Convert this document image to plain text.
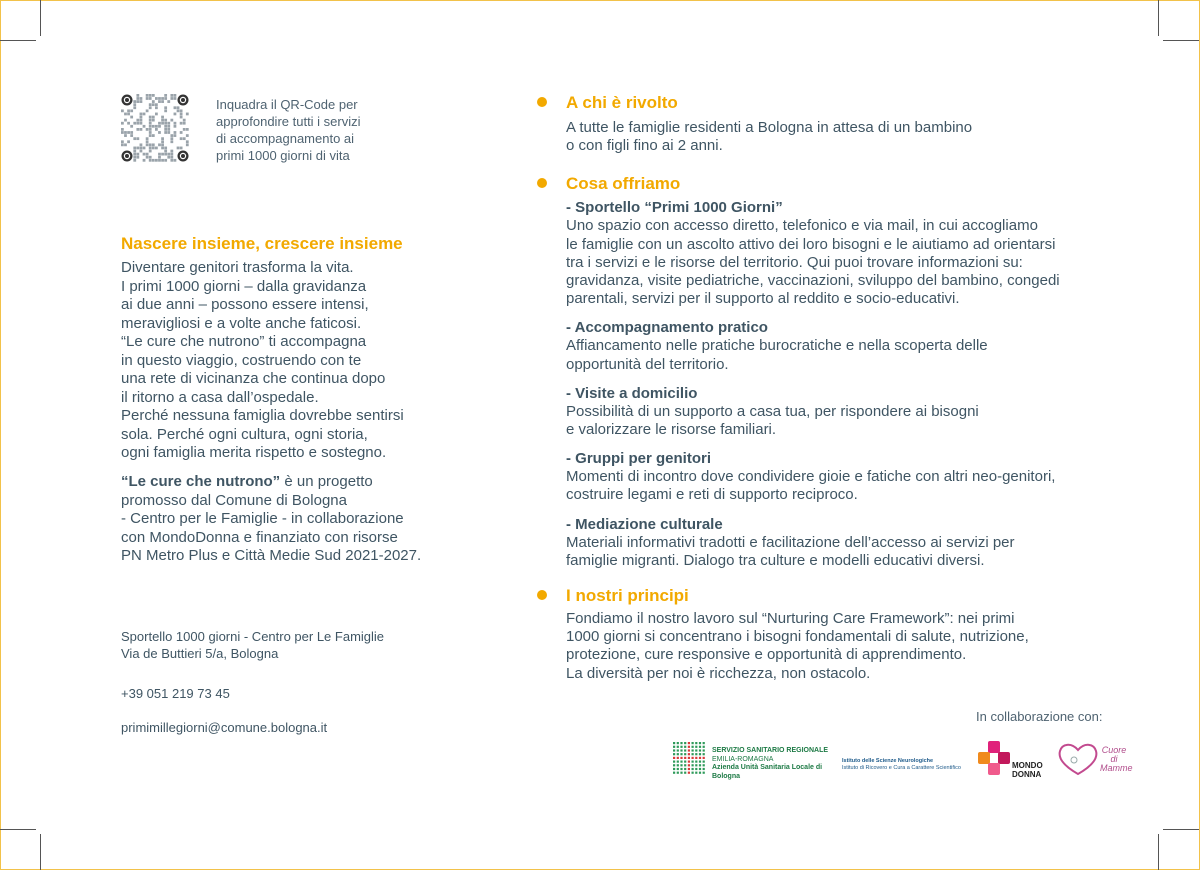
Inquadra il QR-Code per
approfondire tutti i servizi
di accompagnamento ai
primi 1000 giorni di vita
Nascere insieme, crescere insieme
Diventare genitori trasforma la vita.
I primi 1000 giorni – dalla gravidanza
ai due anni – possono essere intensi,
meravigliosi e a volte anche faticosi.
“Le cure che nutrono” ti accompagna
in questo viaggio, costruendo con te
una rete di vicinanza che continua dopo
il ritorno a casa dall’ospedale.
Perché nessuna famiglia dovrebbe sentirsi
sola. Perché ogni cultura, ogni storia,
ogni famiglia merita rispetto e sostegno.
“Le cure che nutrono” è un progetto
promosso dal Comune di Bologna
- Centro per le Famiglie - in collaborazione
con MondoDonna e finanziato con risorse
PN Metro Plus e Città Medie Sud 2021-2027.

Sportello 1000 giorni - Centro per Le Famiglie
Via de Buttieri 5/a, Bologna

+39 051 219 73 45

primimillegiorni@comune.bologna.it

A chi è rivolto
A tutte le famiglie residenti a Bologna in attesa di un bambino
o con figli fino ai 2 anni.
Cosa offriamo
- Sportello “Primi 1000 Giorni”
Uno spazio con accesso diretto, telefonico e via mail, in cui accogliamo
le famiglie con un ascolto attivo dei loro bisogni e le aiutiamo ad orientarsi
tra i servizi e le risorse del territorio. Qui puoi trovare informazioni su:
gravidanza, visite pediatriche, vaccinazioni, sviluppo del bambino, congedi
parentali, servizi per il supporto al reddito e socio-educativi.
- Accompagnamento pratico
Affiancamento nelle pratiche burocratiche e nella scoperta delle
opportunità del territorio.
- Visite a domicilio
Possibilità di un supporto a casa tua, per rispondere ai bisogni
e valorizzare le risorse familiari.
- Gruppi per genitori
Momenti di incontro dove condividere gioie e fatiche con altri neo-genitori,
costruire legami e reti di supporto reciproco.
- Mediazione culturale
Materiali informativi tradotti e facilitazione dell’accesso ai servizi per
famiglie migranti. Dialogo tra culture e modelli educativi diversi.
I nostri principi
Fondiamo il nostro lavoro sul “Nurturing Care Framework”: nei primi
1000 giorni si concentrano i bisogni fondamentali di salute, nutrizione,
protezione, cure responsive e opportunità di apprendimento.
La diversità per noi è ricchezza, non ostacolo.
In collaborazione con:
SERVIZIO SANITARIO REGIONALE
EMILIA-ROMAGNA
Azienda Unità Sanitaria Locale di Bologna
Istituto delle Scienze Neurologiche
Istituto di Ricovero e Cura a Carattere Scientifico	MONDO
DONNA
Cuore
di
Mamme
